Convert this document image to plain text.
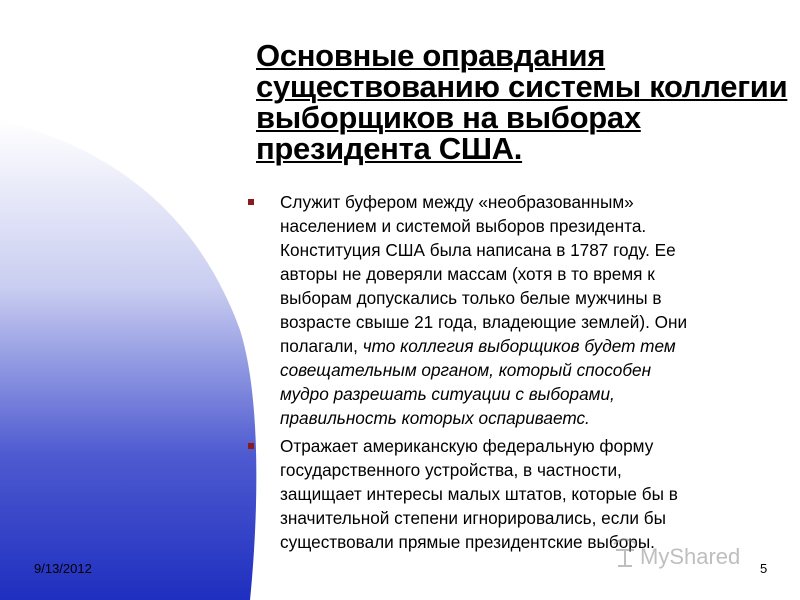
Основные оправдания
существованию системы коллегии
выборщиков на выборах
президента США.
Служит буфером между «необразованным»
населением и системой выборов президента.
Конституция США была написана в 1787 году. Ее
авторы не доверяли массам (хотя в то время к
выборам допускались только белые мужчины в
возрасте свыше 21 года, владеющие землей). Они
полагали, что коллегия выборщиков будет тем
совещательным органом, который способен
мудро разрешать ситуации с выборами,
правильность которых оспариваетс.
Отражает американскую федеральную форму
государственного устройства, в частности,
защищает интересы малых штатов, которые бы в
значительной степени игнорировались, если бы
существовали прямые президентские выборы.
9/13/2012	5
MyShared
